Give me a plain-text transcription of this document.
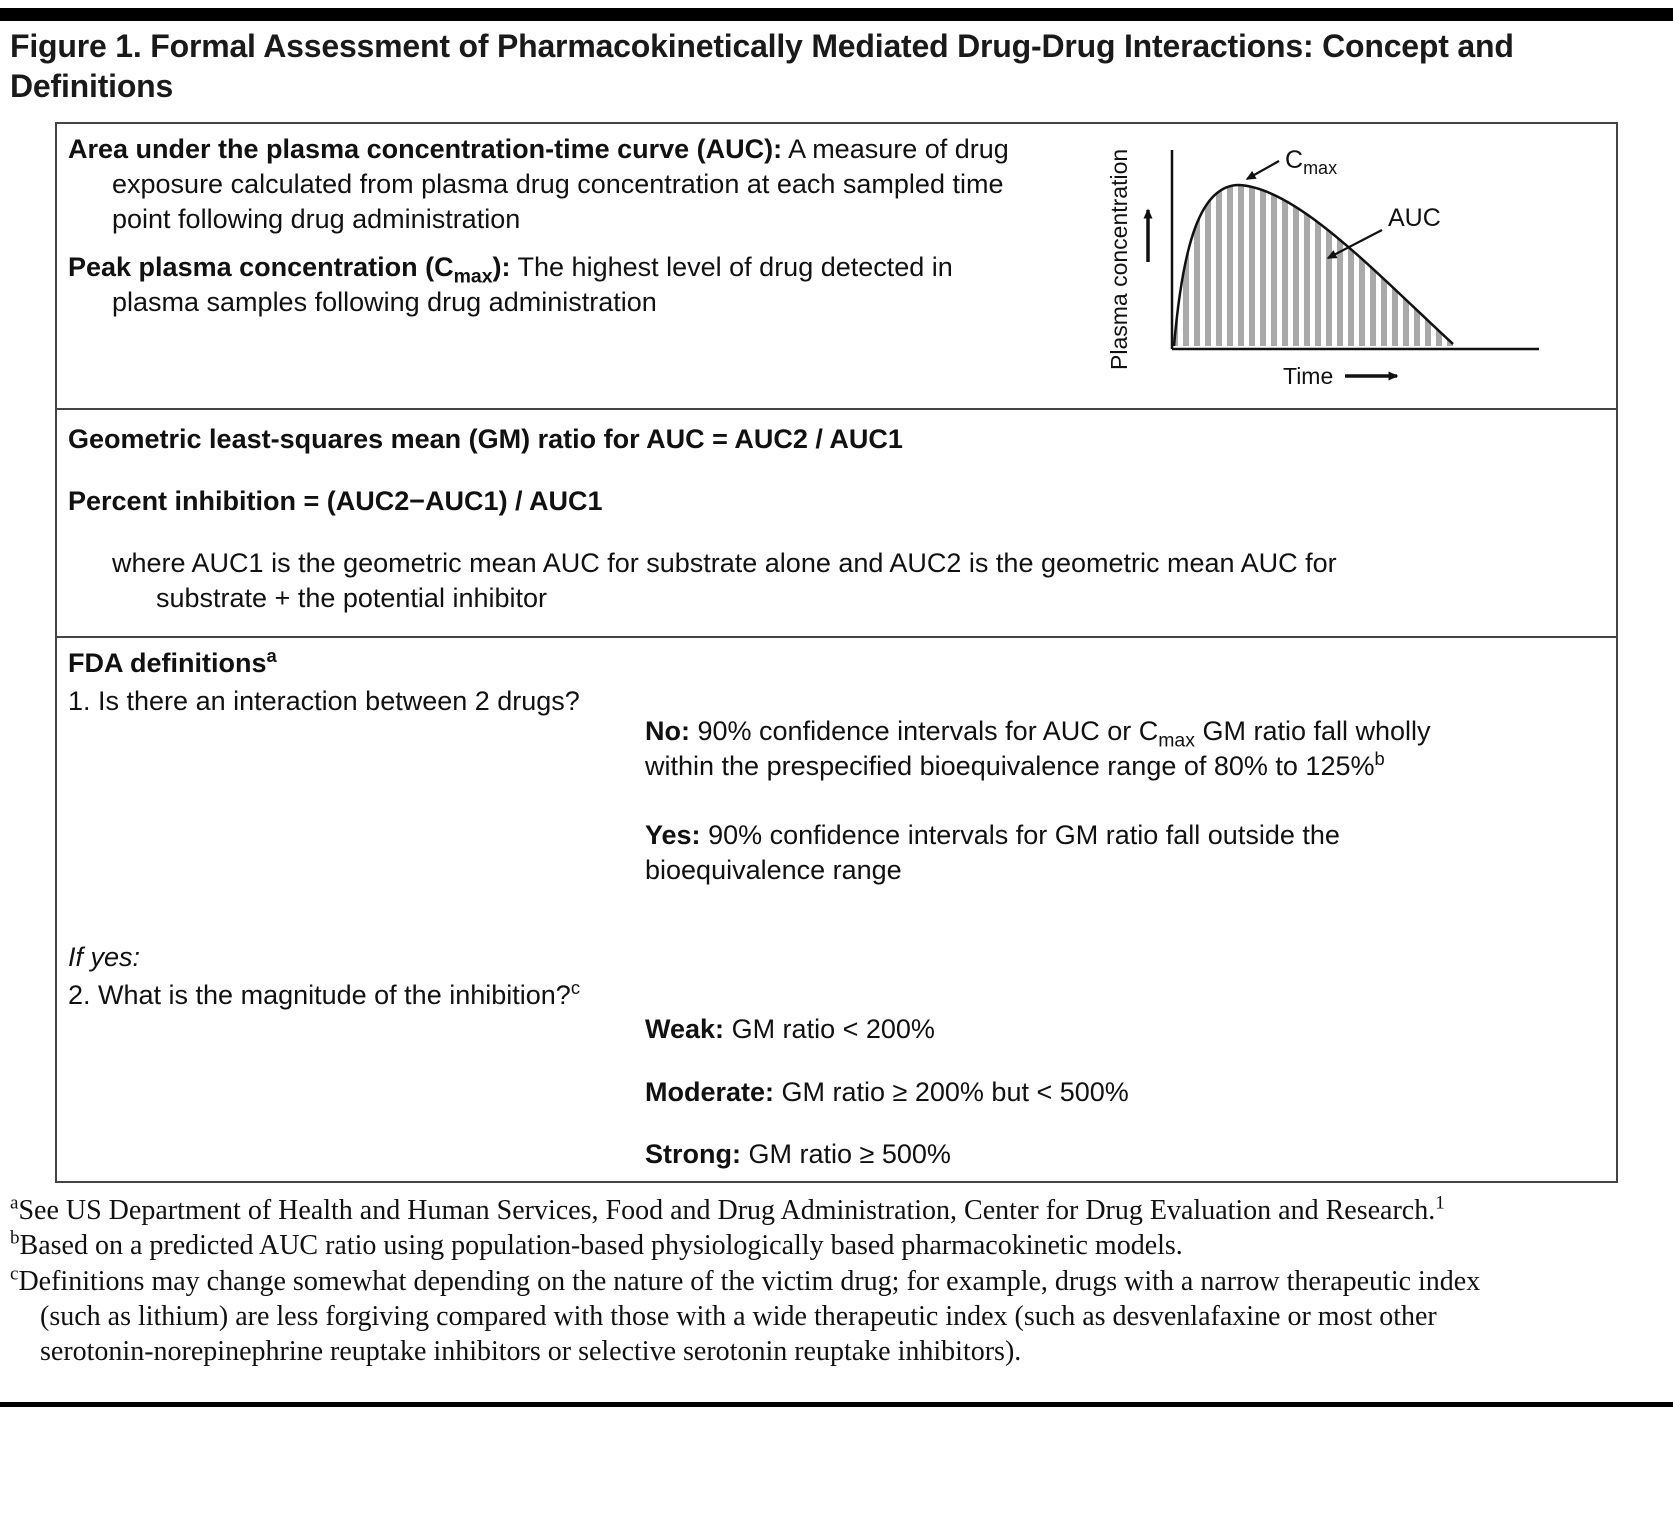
Figure 1. Formal Assessment of Pharmacokinetically Mediated Drug-Drug Interactions: Concept and Definitions

Area under the plasma concentration-time curve (AUC): A measure of drug exposure calculated from plasma drug concentration at each sampled time point following drug administration

Peak plasma concentration $(C_{max})$: The highest level of drug detected in plasma samples following drug administration	Plasma concentration
Time
$C_{max}$
AUC

Geometric least-squares mean (GM) ratio for AUC = AUC2 / AUC1

Percent inhibition = (AUC2−AUC1) / AUC1

where AUC1 is the geometric mean AUC for substrate alone and AUC2 is the geometric mean AUC for substrate + the potential inhibitor

FDA definitions$^a$

1. Is there an interaction between 2 drugs?

No: 90% confidence intervals for AUC or $C_{max}$ GM ratio fall wholly within the prespecified bioequivalence range of 80% to 125%$^b$

Yes: 90% confidence intervals for GM ratio fall outside the bioequivalence range

If yes:

2. What is the magnitude of the inhibition?$^c$

Weak: GM ratio < 200%

Moderate: GM ratio ≥ 200% but < 500%

Strong: GM ratio ≥ 500%

$^a$See US Department of Health and Human Services, Food and Drug Administration, Center for Drug Evaluation and Research.$^1$

$^b$Based on a predicted AUC ratio using population-based physiologically based pharmacokinetic models.

$^c$Definitions may change somewhat depending on the nature of the victim drug; for example, drugs with a narrow therapeutic index (such as lithium) are less forgiving compared with those with a wide therapeutic index (such as desvenlafaxine or most other serotonin-norepinephrine reuptake inhibitors or selective serotonin reuptake inhibitors).
